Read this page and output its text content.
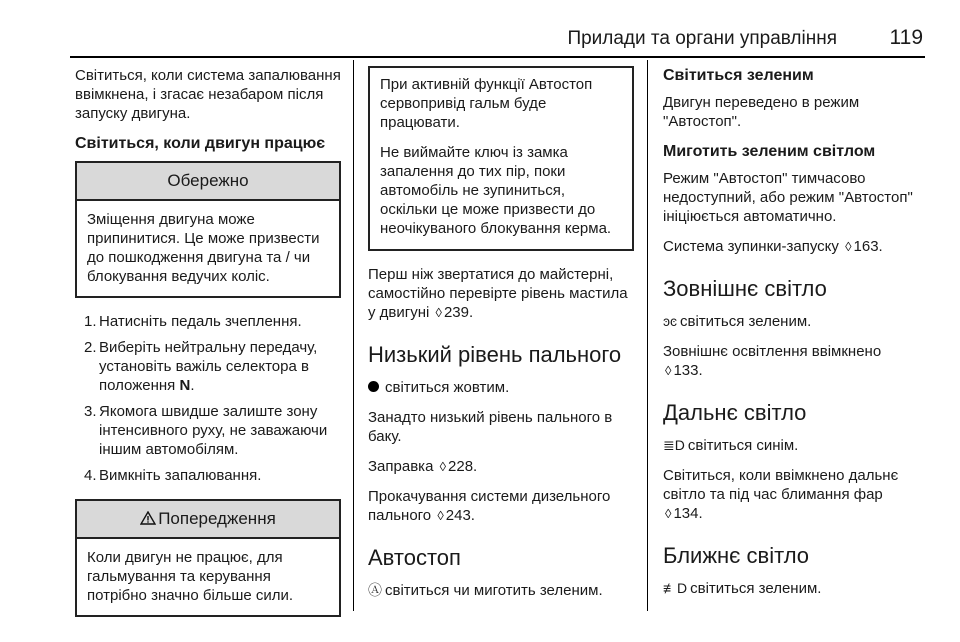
Прилади та органи управління	119

Світиться, коли система запалювання ввімкнена, і згасає незабаром після запуску двигуна.

Світиться, коли двигун працює

Обережно

Зміщення двигуна може припинитися. Це може призвести до пошкодження двигуна та / чи блокування ведучих коліс.

1. Натисніть педаль зчеплення.
2. Виберіть нейтральну передачу, установіть важіль селектора в положення N.
3. Якомога швидше залиште зону інтенсивного руху, не заважаючи іншим автомобілям.
4. Вимкніть запалювання.
Попередження

Коли двигун не працює, для гальмування та керування потрібно значно більше сили.

При активній функції Автостоп сервопривід гальм буде працювати.

Не виймайте ключ із замка запалення до тих пір, поки автомобіль не зупиниться, оскільки це може призвести до неочікуваного блокування керма.

Перш ніж звертатися до майстерні, самостійно перевірте рівень мастила у двигуні ◊ 239.

Низький рівень пального

світиться жовтим.

Занадто низький рівень пального в баку.

Заправка ◊ 228.

Прокачування системи дизельного пального ◊ 243.

Автостоп

Ⓐ світиться чи миготить зеленим.

Світиться зеленим

Двигун переведено в режим "Автостоп".

Миготить зеленим світлом

Режим "Автостоп" тимчасово недоступний, або режим "Автостоп" ініціюється автоматично.

Система зупинки-запуску ◊ 163.

Зовнішнє світло

ͽͼ світиться зеленим.

Зовнішнє освітлення ввімкнено
◊ 133.

Дальнє світло

≣D світиться синім.

Світиться, коли ввімкнено дальнє світло та під час блимання фар
◊ 134.

Ближнє світло

≢D світиться зеленим.
